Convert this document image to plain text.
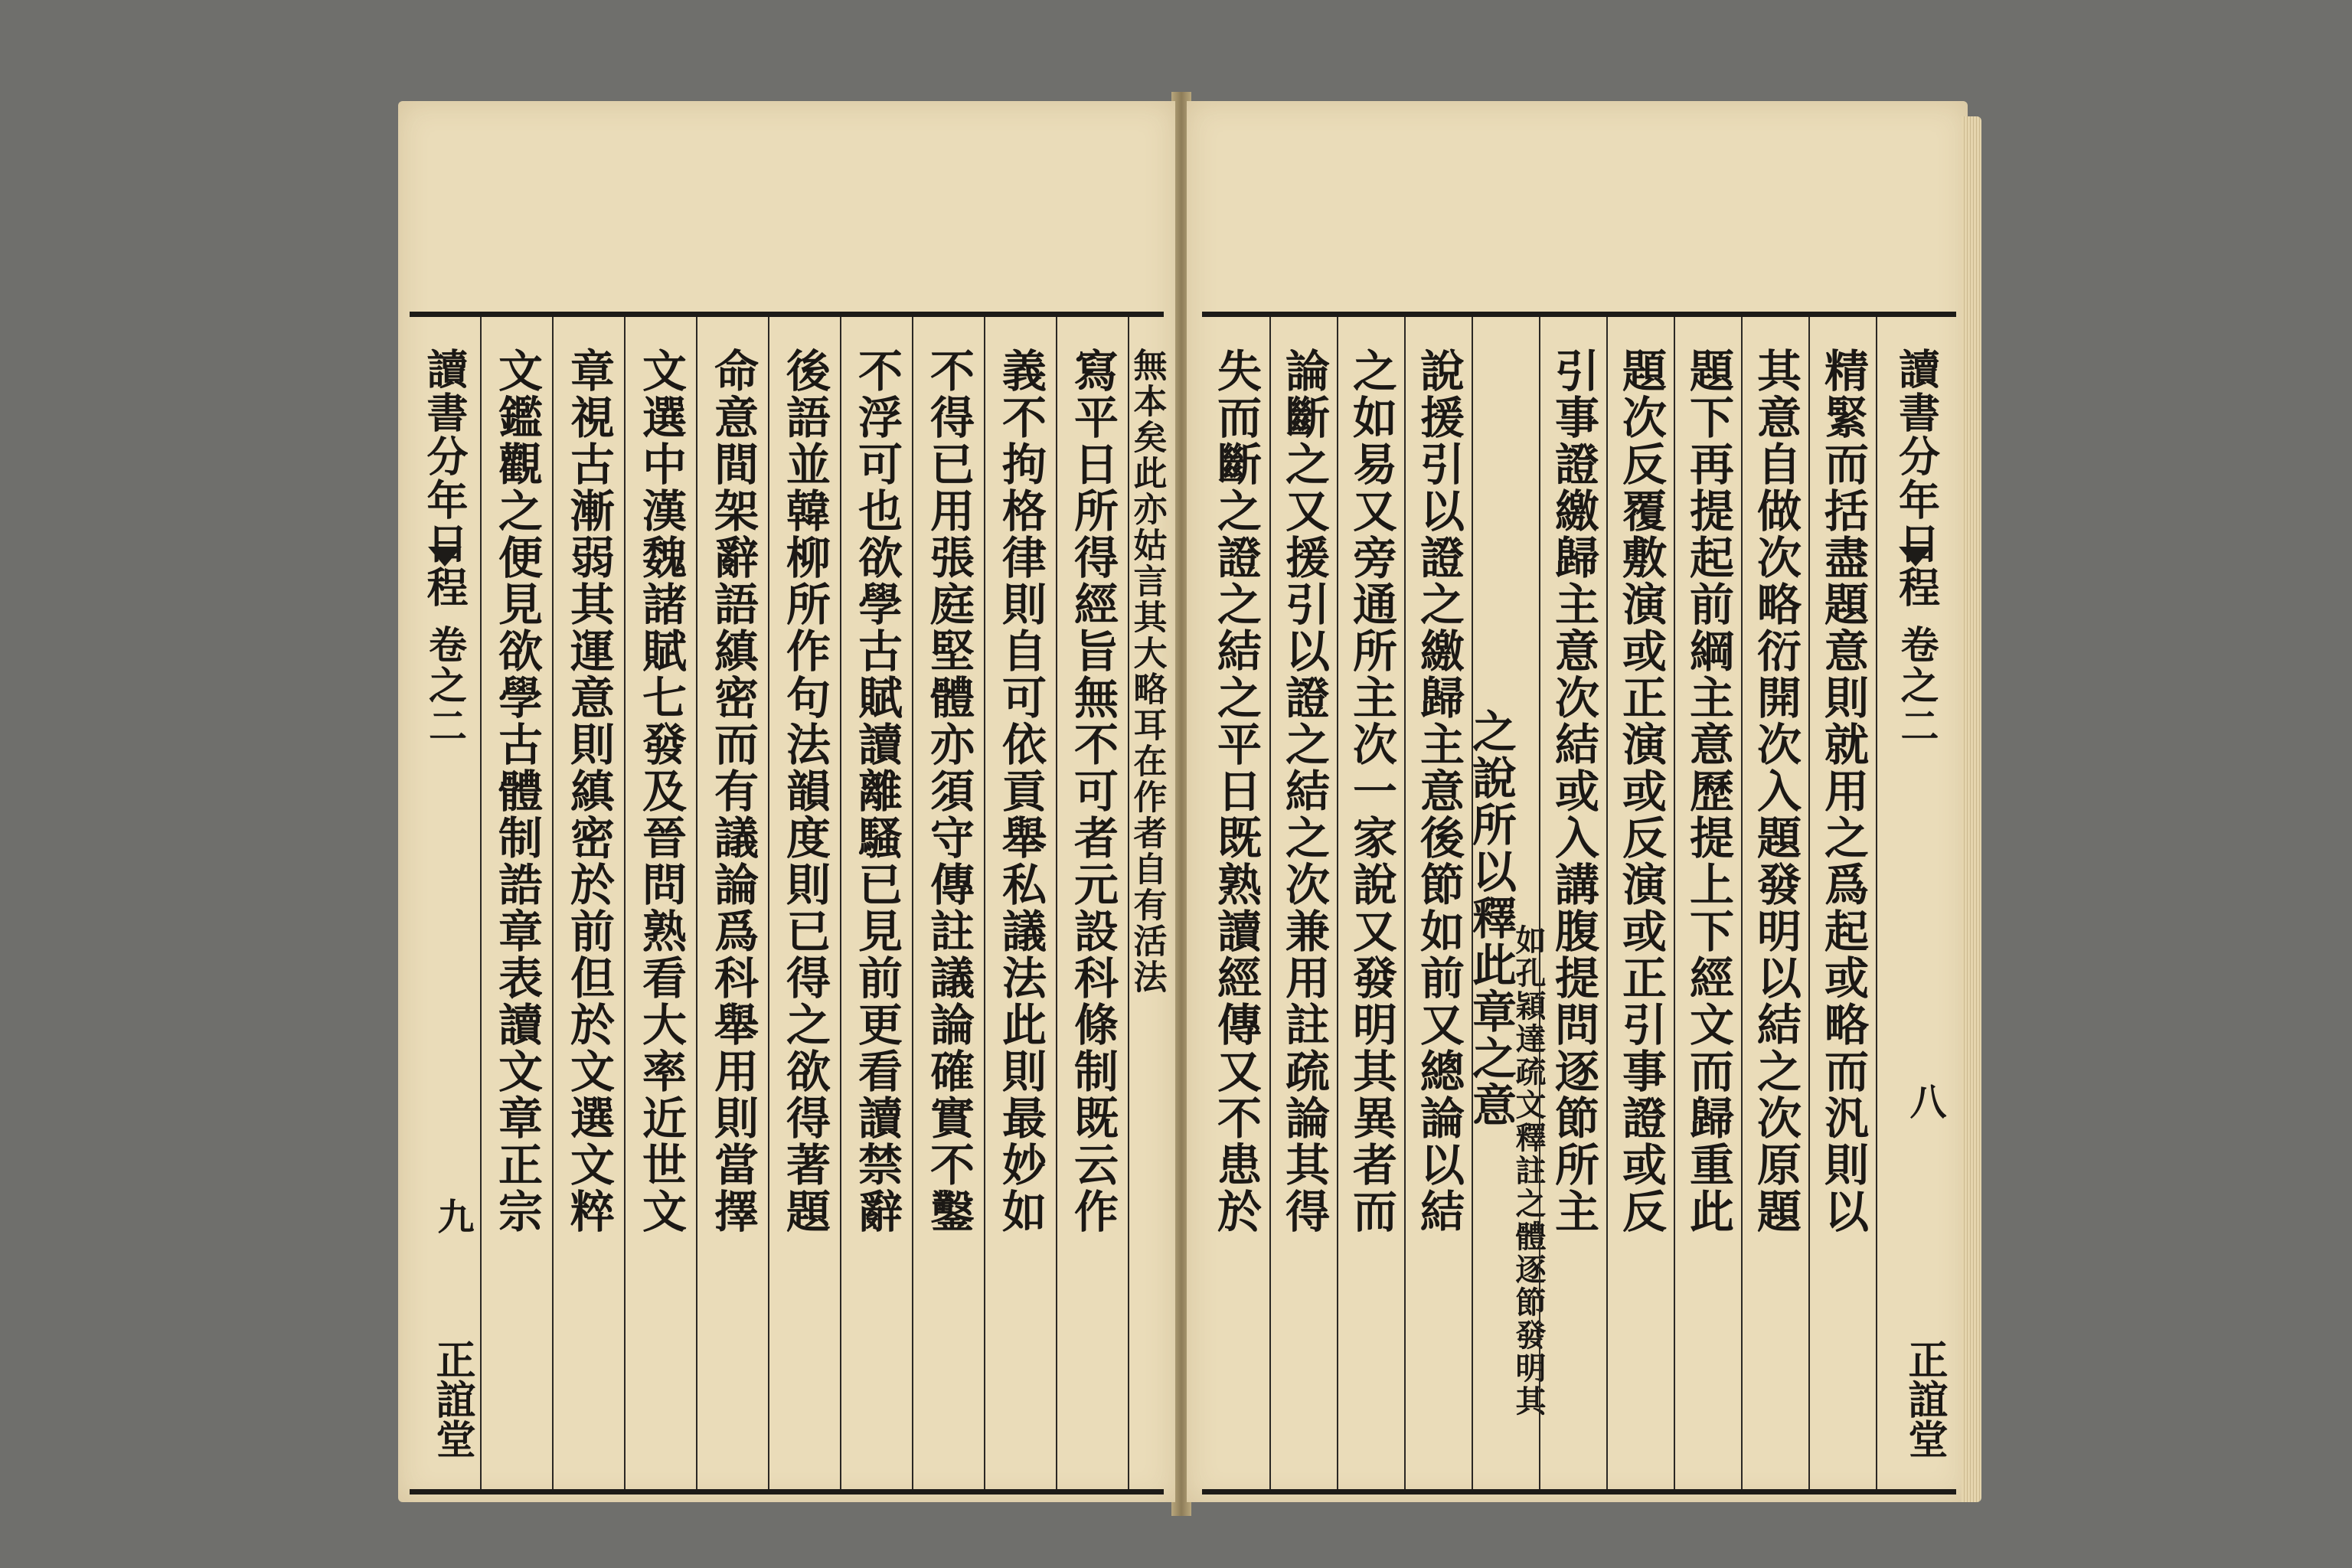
讀書分年日程
卷之二
九
正誼堂
文鑑觀之便見欲學古體制誥章表讀文章正宗 章視古漸弱其運意則縝密於前但於文選文粹 文選中漢魏諸賦七發及晉問熟看大率近世文 命意間架辭語縝密而有議論爲科舉用則當擇 後語並韓柳所作句法韻度則已得之欲得著題 不浮可也欲學古賦讀離騷已見前更看讀禁辭 不得已用張庭堅體亦須守傳註議論確實不鑿 義不拘格律則自可依貢舉私議法此則最妙如 寫平日所得經旨無不可者元設科條制既云作 無本矣此亦姑言其大略耳在作者自有活法 失而斷之證之結之平日既熟讀經傳又不患於 論斷之又援引以證之結之次兼用註疏論其得 之如易又旁通所主次一家說又發明其異者而 說援引以證之繳歸主意後節如前又總論以結 之說所以釋此章之意
如孔穎達疏文釋註之體逐節發明其 引事證繳歸主意次結或入講腹提問逐節所主 題次反覆敷演或正演或反演或正引事證或反 題下再提起前綱主意歷提上下經文而歸重此 其意自做次略衍開次入題發明以結之次原題 精緊而括盡題意則就用之爲起或略而汎則以 讀書分年日程
卷之二
八
正誼堂
